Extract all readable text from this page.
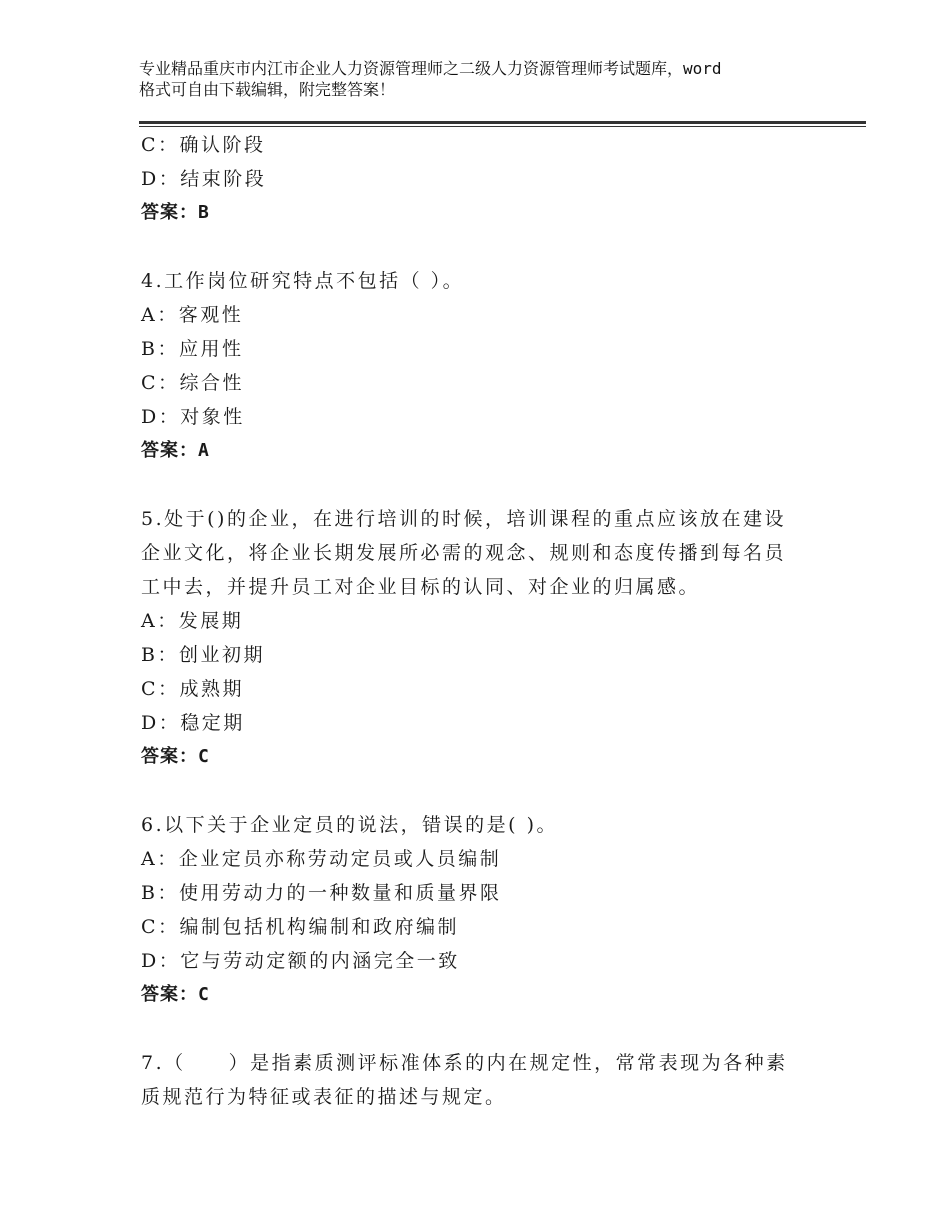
专业精品重庆市内江市企业人力资源管理师之二级人力资源管理师考试题库，word
格式可自由下载编辑，附完整答案！
C：确认阶段
D：结束阶段
答案：B
4.工作岗位研究特点不包括（ ）。
A：客观性
B：应用性
C：综合性
D：对象性
答案：A
5.处于()的企业，在进行培训的时候，培训课程的重点应该放在建设
企业文化，将企业长期发展所必需的观念、规则和态度传播到每名员
工中去，并提升员工对企业目标的认同、对企业的归属感。
A：发展期
B：创业初期
C：成熟期
D：稳定期
答案：C
6.以下关于企业定员的说法，错误的是( )。
A：企业定员亦称劳动定员或人员编制
B：使用劳动力的一种数量和质量界限
C：编制包括机构编制和政府编制
D：它与劳动定额的内涵完全一致
答案：C
7.（　　）是指素质测评标准体系的内在规定性，常常表现为各种素
质规范行为特征或表征的描述与规定。
